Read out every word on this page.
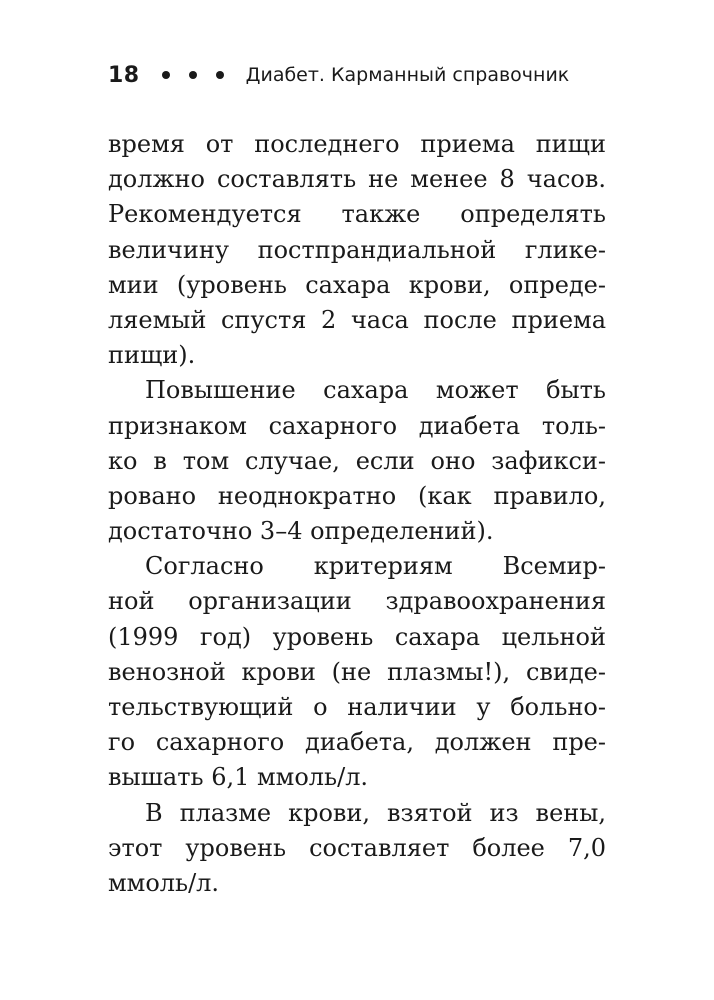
18	Диабет. Карманный справочник
время от последнего приема пищи
должно составлять не менее 8 часов.
Рекомендуется также определять
величину постпрандиальной глике-
мии (уровень сахара крови, опреде-
ляемый спустя 2 часа после приема
пищи).
Повышение сахара может быть
признаком сахарного диабета толь-
ко в том случае, если оно зафикси-
ровано неоднократно (как правило,
достаточно 3–4 определений).
Согласно критериям Всемир-
ной организации здравоохранения
(1999 год) уровень сахара цельной
венозной крови (не плазмы!), свиде-
тельствующий о наличии у больно-
го сахарного диабета, должен пре-
вышать 6,1 ммоль/л.
В плазме крови, взятой из вены,
этот уровень составляет более 7,0
ммоль/л.
